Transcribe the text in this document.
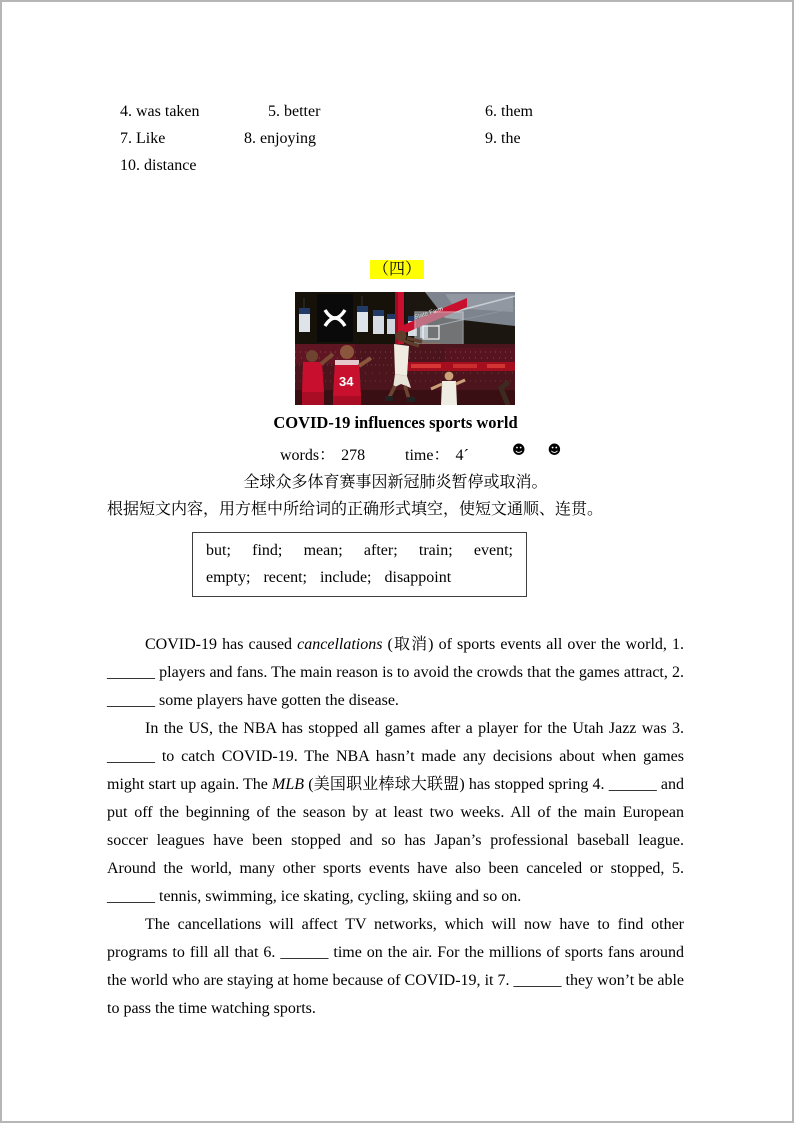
4. was taken	5. better	6. them
7. Like	8. enjoying	9. the
10. distance
（四）
34
COVID-19 influences sports world
words： 278 time： 4´	☻ ☻
全球众多体育赛事因新冠肺炎暂停或取消。
根据短文内容，用方框中所给词的正确形式填空，使短文通顺、连贯。
but; find; mean; after; train; event;
empty; recent; include; disappoint

COVID-19 has caused cancellations (取消) of sports events all over the world, 1. ______ players and fans. The main reason is to avoid the crowds that the games attract, 2. ______ some players have gotten the disease.

In the US, the NBA has stopped all games after a player for the Utah Jazz was 3. ______ to catch COVID-19. The NBA hasn’t made any decisions about when games might start up again. The MLB (美国职业棒球大联盟) has stopped spring 4. ______ and put off the beginning of the season by at least two weeks. All of the main European soccer leagues have been stopped and so has Japan’s professional baseball league. Around the world, many other sports events have also been canceled or stopped, 5. ______ tennis, swimming, ice skating, cycling, skiing and so on.

The cancellations will affect TV networks, which will now have to find other programs to fill all that 6. ______ time on the air. For the millions of sports fans around the world who are staying at home because of COVID-19, it 7. ______ they won’t be able to pass the time watching sports.
